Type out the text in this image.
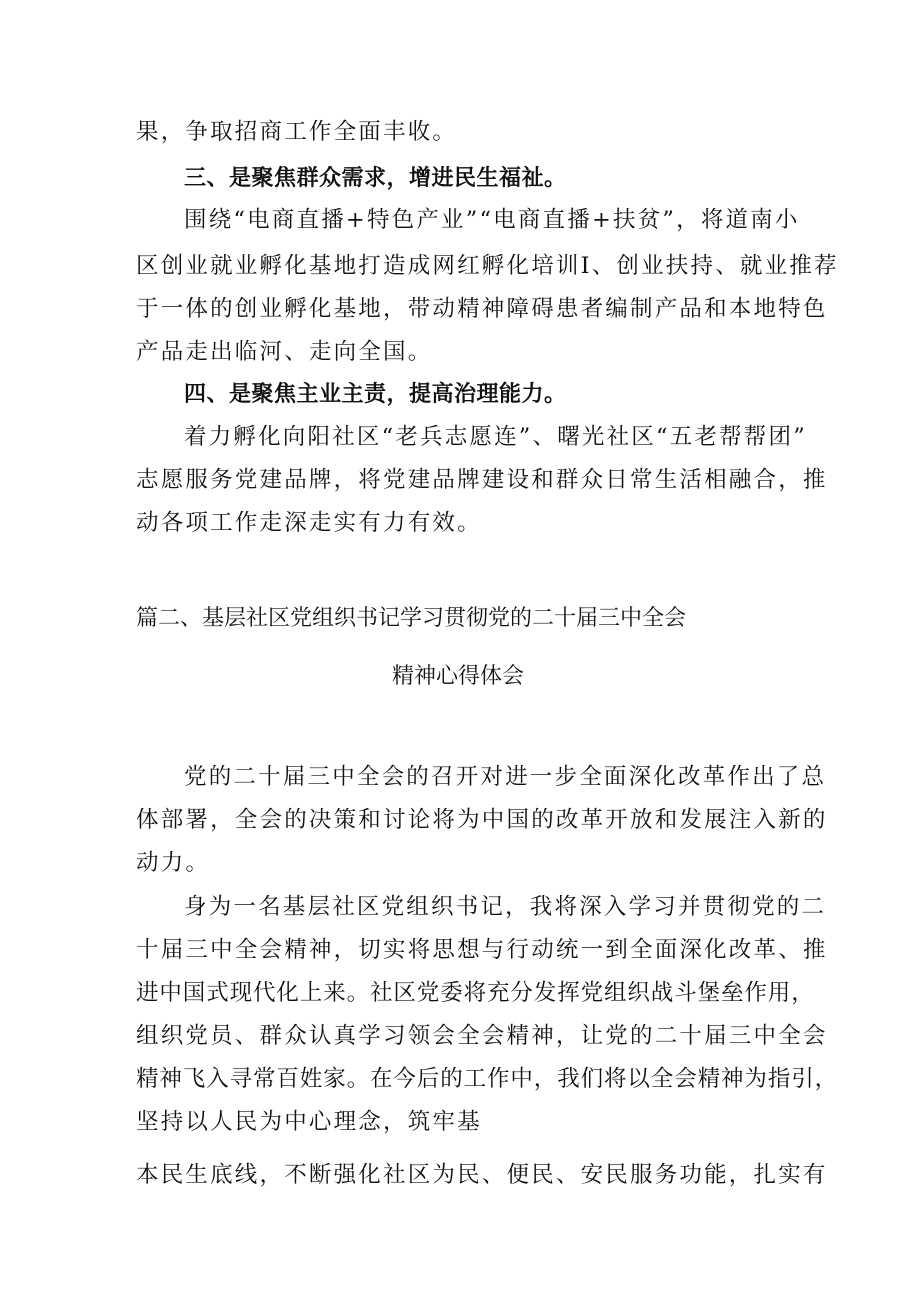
果，争取招商工作全面丰收。
三、是聚焦群众需求，增进民生福祉。
围绕“电商直播+特色产业”“电商直播+扶贫”，将道南小
区创业就业孵化基地打造成网红孵化培训Ⅰ、创业扶持、就业推荐
于一体的创业孵化基地，带动精神障碍患者编制产品和本地特色
产品走出临河、走向全国。
四、是聚焦主业主责，提高治理能力。
着力孵化向阳社区“老兵志愿连”、曙光社区“五老帮帮团”
志愿服务党建品牌，将党建品牌建设和群众日常生活相融合，推
动各项工作走深走实有力有效。
篇二、基层社区党组织书记学习贯彻党的二十届三中全会
精神心得体会
党的二十届三中全会的召开对进一步全面深化改革作出了总
体部署，全会的决策和讨论将为中国的改革开放和发展注入新的
动力。
身为一名基层社区党组织书记，我将深入学习并贯彻党的二
十届三中全会精神，切实将思想与行动统一到全面深化改革、推
进中国式现代化上来。社区党委将充分发挥党组织战斗堡垒作用，
组织党员、群众认真学习领会全会精神，让党的二十届三中全会
精神飞入寻常百姓家。在今后的工作中，我们将以全会精神为指引，
坚持以人民为中心理念，筑牢基
本民生底线，不断强化社区为民、便民、安民服务功能，扎实有
